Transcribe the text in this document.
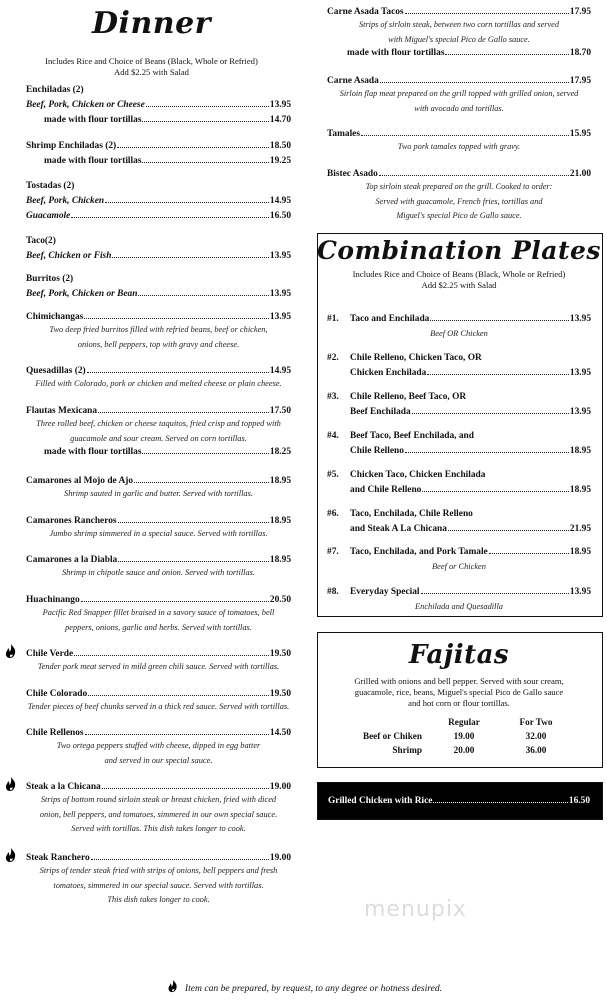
Dinner
Includes Rice and Choice of Beans (Black, Whole or Refried)
Add $2.25 with Salad
Enchiladas (2)
Beef, Pork, Chicken or Cheese	13.95
made with flour tortillas	14.70
Shrimp Enchiladas (2)	18.50
made with flour tortillas	19.25
Tostadas (2)
Beef, Pork, Chicken	14.95
Guacamole	16.50
Taco(2)
Beef, Chicken or Fish	13.95
Burritos (2)
Beef, Pork, Chicken or Bean	13.95
Chimichangas	13.95
Two deep fried burritos filled with refried beans, beef or chicken,
onions, bell peppers, top with gravy and cheese.
Quesadillas (2)	14.95
Filled with Colorado, pork or chicken and melted cheese or plain cheese.
Flautas Mexicana	17.50
Three rolled beef, chicken or cheese taquitos, fried crisp and topped with
guacamole and sour cream. Served on corn tortillas.
made with flour tortillas	18.25
Camarones al Mojo de Ajo	18.95
Shrimp sauted in garlic and butter. Served with tortillas.
Camarones Rancheros	18.95
Jumbo shrimp simmered in a special sauce. Served with tortillas.
Camarones a la Diabla	18.95
Shrimp in chipotle sauce and onion. Served with tortillas.
Huachinango	20.50
Pacific Red Snapper fillet braised in a savory sauce of tomatoes, bell
peppers, onions, garlic and herbs. Served with tortillas.
Chile Verde	19.50
Tender pork meat served in mild green chili sauce. Served with tortillas.
Chile Colorado	19.50
Tender pieces of beef chunks served in a thick red sauce. Served with tortillas.
Chile Rellenos	14.50
Two ortega peppers stuffed with cheese, dipped in egg batter
and served in our special sauce.
Steak a la Chicana	19.00
Strips of bottom round sirloin steak or breast chicken, fried with diced
onion, bell peppers, and tomatoes, simmered in our own special sauce.
Served with tortillas. This dish takes longer to cook.
Steak Ranchero	19.00
Strips of tender steak fried with strips of onions, bell peppers and fresh
tomatoes, simmered in our special sauce. Served with tortillas.
This dish takes longer to cook.
Carne Asada Tacos	17.95
Strips of sirloin steak, between two corn tortillas and served
with Miguel's special Pico de Gallo sauce.
made with flour tortillas	18.70
Carne Asada	17.95
Sirloin flap meat prepared on the grill topped with grilled onion, served
with avocado and tortillas.
Tamales	15.95
Two pork tamales topped with gravy.
Bistec Asado	21.00
Top sirloin steak prepared on the grill. Cooked to order:
Served with guacamole, French fries, tortillas and
Miguel's special Pico de Gallo sauce.
Combination Plates
Includes Rice and Choice of Beans (Black, Whole or Refried)
Add $2.25 with Salad
#1.	Taco and Enchilada	13.95
Beef OR Chicken
#2.	Chile Relleno, Chicken Taco, OR
Chicken Enchilada	13.95
#3.	Chile Relleno, Beef Taco, OR
Beef Enchilada	13.95
#4.	Beef Taco, Beef Enchilada, and
Chile Relleno	18.95
#5.	Chicken Taco, Chicken Enchilada
and Chile Relleno	18.95
#6.	Taco, Enchilada, Chile Relleno
and Steak A La Chicana	21.95
#7.	Taco, Enchilada, and Pork Tamale	18.95
Beef or Chicken
#8.	Everyday Special	13.95
Enchilada and Quesadilla
Fajitas
Grilled with onions and bell pepper. Served with sour cream,
guacamole, rice, beans, Miguel's special Pico de Gallo sauce
and hot corn or flour tortillas.
	Regular	For Two
Beef or Chiken	19.00	32.00
Shrimp	20.00	36.00
Grilled Chicken with Rice	16.50
menupix
Item can be prepared, by request, to any degree or hotness desired.
